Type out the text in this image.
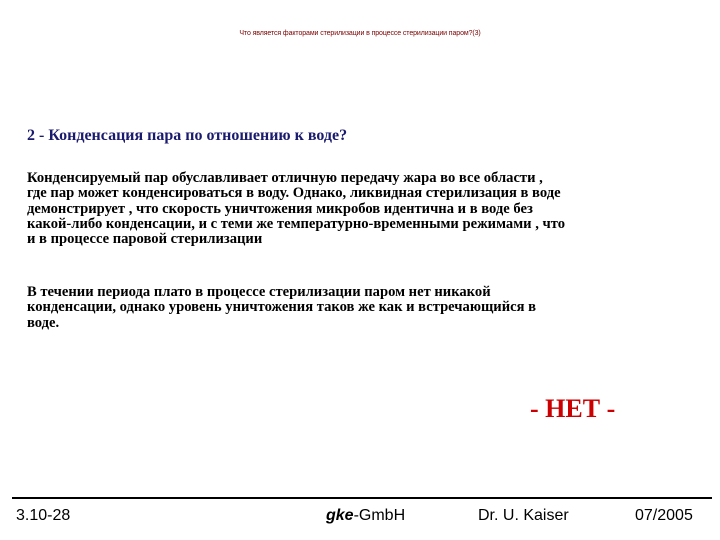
Что является факторами стерилизации в процессе стерилизации паром?(3)
2 - Конденсация пара по отношению к воде?

Конденсируемый пар обуславливает отличную передачу жара во все области ,
где пар может конденсироваться в воду. Однако, ликвидная стерилизация в воде
демонстрирует , что скорость уничтожения микробов идентична и в воде без
какой-либо конденсации, и с теми же температурно-временными режимами , что
и в процессе паровой стерилизации

В течении периода плато в процессе стерилизации паром нет никакой
конденсации, однако уровень уничтожения таков же как и встречающийся в
воде.

- НЕТ -
3.10-28	gke-GmbH	Dr. U. Kaiser	07/2005
